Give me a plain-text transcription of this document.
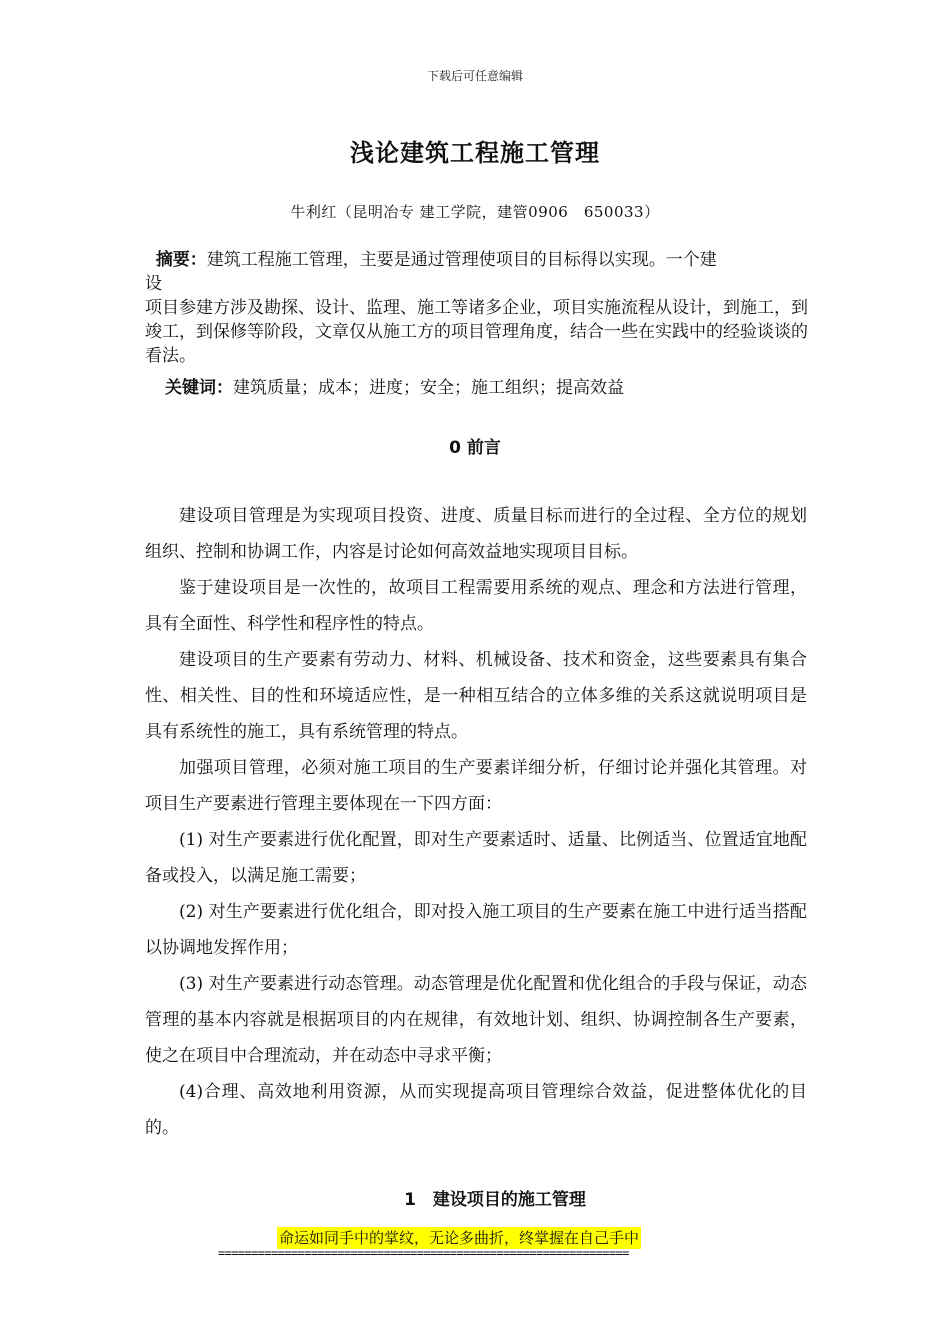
下载后可任意编辑
浅论建筑工程施工管理
牛利红（昆明冶专 建工学院，建管0906　650033）
摘要：建筑工程施工管理，主要是通过管理使项目的目标得以实现。一个建
设
项目参建方涉及勘探、设计、监理、施工等诸多企业，项目实施流程从设计，到施工，到竣工，到保修等阶段，文章仅从施工方的项目管理角度，结合一些在实践中的经验谈谈的看法。
关键词：建筑质量；成本；进度；安全；施工组织；提高效益
0 前言

建设项目管理是为实现项目投资、进度、质量目标而进行的全过程、全方位的规划组织、控制和协调工作，内容是讨论如何高效益地实现项目目标。

鉴于建设项目是一次性的，故项目工程需要用系统的观点、理念和方法进行管理，具有全面性、科学性和程序性的特点。

建设项目的生产要素有劳动力、材料、机械设备、技术和资金，这些要素具有集合性、相关性、目的性和环境适应性，是一种相互结合的立体多维的关系这就说明项目是具有系统性的施工，具有系统管理的特点。

加强项目管理，必须对施工项目的生产要素详细分析，仔细讨论并强化其管理。对项目生产要素进行管理主要体现在一下四方面：

(1) 对生产要素进行优化配置，即对生产要素适时、适量、比例适当、位置适宜地配备或投入，以满足施工需要；

(2) 对生产要素进行优化组合，即对投入施工项目的生产要素在施工中进行适当搭配以协调地发挥作用；

(3) 对生产要素进行动态管理。动态管理是优化配置和优化组合的手段与保证，动态管理的基本内容就是根据项目的内在规律，有效地计划、组织、协调控制各生产要素，使之在项目中合理流动，并在动态中寻求平衡；

(4)合理、高效地利用资源，从而实现提高项目管理综合效益，促进整体优化的目的。

1　建设项目的施工管理
命运如同手中的掌纹，无论多曲折，终掌握在自己手中
==============================================================
